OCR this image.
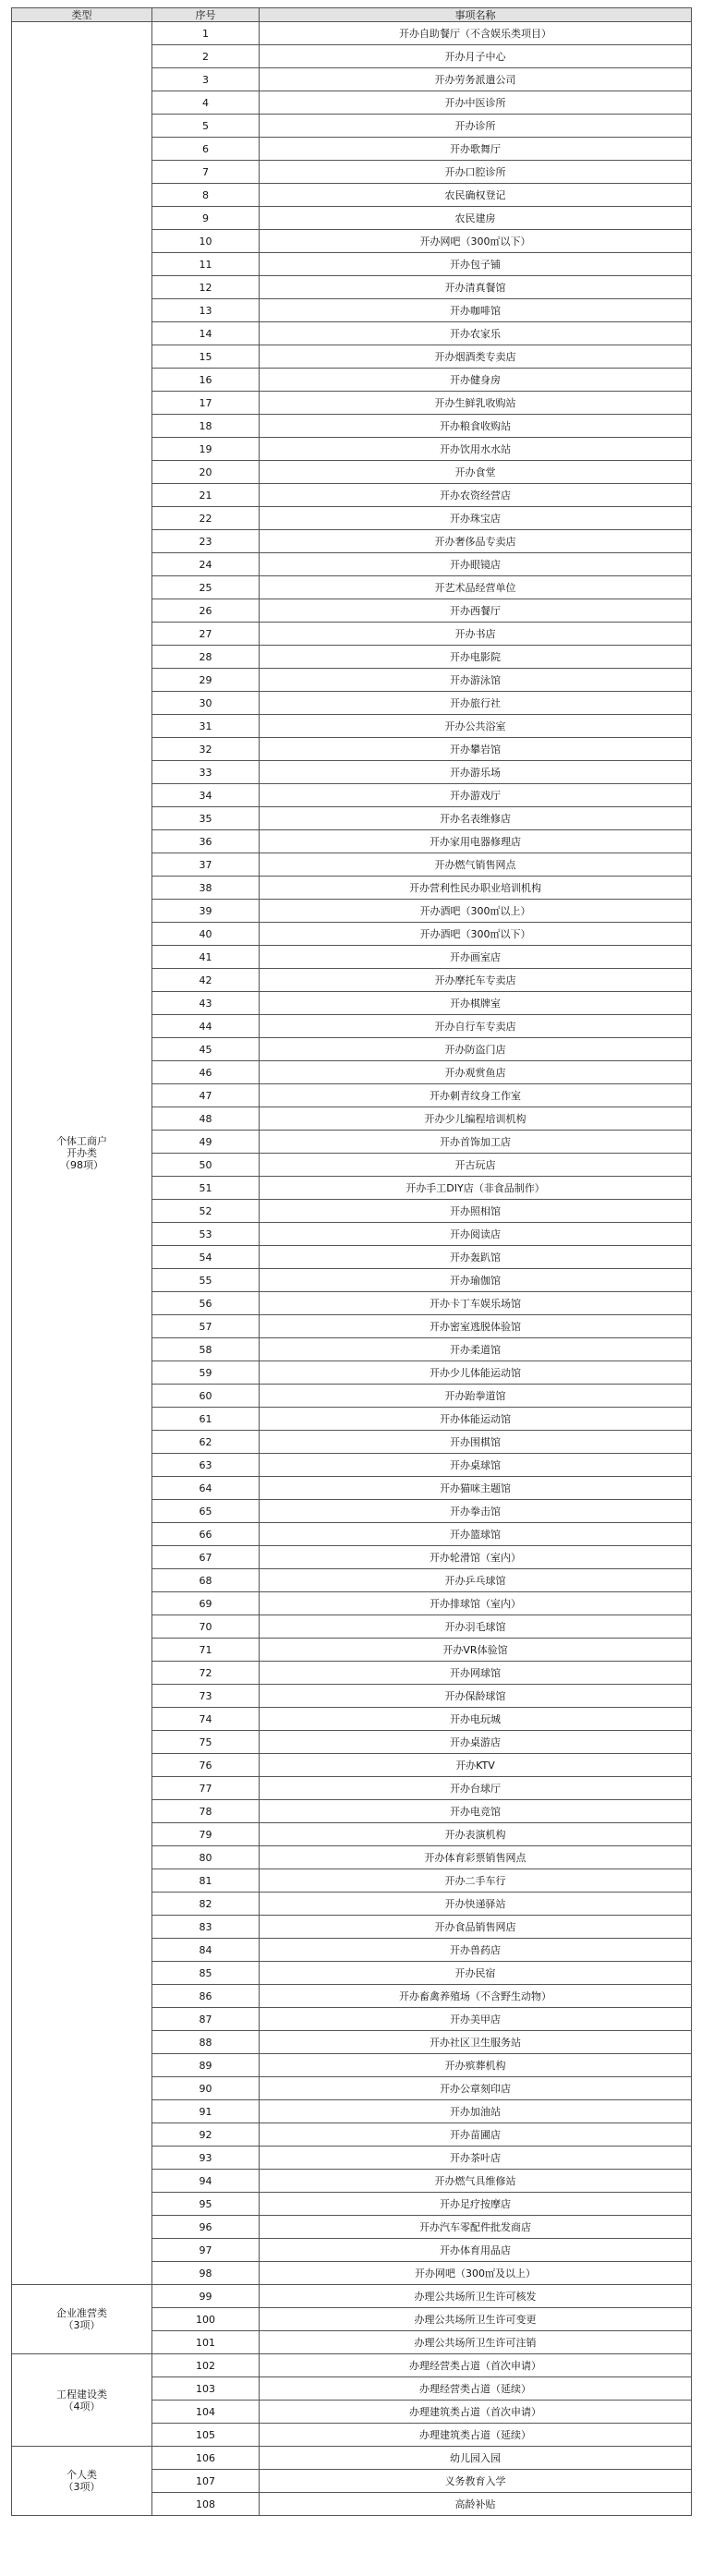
类型	序号	事项名称

个体工商户
开办类
（98项）	1	开办自助餐厅（不含娱乐类项目）
	2	开办月子中心
	3	开办劳务派遣公司
	4	开办中医诊所
	5	开办诊所
	6	开办歌舞厅
	7	开办口腔诊所
	8	农民确权登记
	9	农民建房
	10	开办网吧（300㎡以下）
	11	开办包子铺
	12	开办清真餐馆
	13	开办咖啡馆
	14	开办农家乐
	15	开办烟酒类专卖店
	16	开办健身房
	17	开办生鲜乳收购站
	18	开办粮食收购站
	19	开办饮用水水站
	20	开办食堂
	21	开办农资经营店
	22	开办珠宝店
	23	开办奢侈品专卖店
	24	开办眼镜店
	25	开艺术品经营单位
	26	开办西餐厅
	27	开办书店
	28	开办电影院
	29	开办游泳馆
	30	开办旅行社
	31	开办公共浴室
	32	开办攀岩馆
	33	开办游乐场
	34	开办游戏厅
	35	开办名表维修店
	36	开办家用电器修理店
	37	开办燃气销售网点
	38	开办营利性民办职业培训机构
	39	开办酒吧（300㎡以上）
	40	开办酒吧（300㎡以下）
	41	开办画室店
	42	开办摩托车专卖店
	43	开办棋牌室
	44	开办自行车专卖店
	45	开办防盗门店
	46	开办观赏鱼店
	47	开办刺青纹身工作室
	48	开办少儿编程培训机构
	49	开办首饰加工店
	50	开古玩店
	51	开办手工DIY店（非食品制作）
	52	开办照相馆
	53	开办阅读店
	54	开办轰趴馆
	55	开办瑜伽馆
	56	开办卡丁车娱乐场馆
	57	开办密室逃脱体验馆
	58	开办柔道馆
	59	开办少儿体能运动馆
	60	开办跆拳道馆
	61	开办体能运动馆
	62	开办围棋馆
	63	开办桌球馆
	64	开办猫咪主题馆
	65	开办拳击馆
	66	开办篮球馆
	67	开办轮滑馆（室内）
	68	开办乒乓球馆
	69	开办排球馆（室内）
	70	开办羽毛球馆
	71	开办VR体验馆
	72	开办网球馆
	73	开办保龄球馆
	74	开办电玩城
	75	开办桌游店
	76	开办KTV
	77	开办台球厅
	78	开办电竞馆
	79	开办表演机构
	80	开办体育彩票销售网点
	81	开办二手车行
	82	开办快递驿站
	83	开办食品销售网店
	84	开办兽药店
	85	开办民宿
	86	开办畜禽养殖场（不含野生动物）
	87	开办美甲店
	88	开办社区卫生服务站
	89	开办殡葬机构
	90	开办公章刻印店
	91	开办加油站
	92	开办苗圃店
	93	开办茶叶店
	94	开办燃气具维修站
	95	开办足疗按摩店
	96	开办汽车零配件批发商店
	97	开办体育用品店
	98	开办网吧（300㎡及以上）

企业准营类
（3项）	99	办理公共场所卫生许可核发
	100	办理公共场所卫生许可变更
	101	办理公共场所卫生许可注销

工程建设类
（4项）	102	办理经营类占道（首次申请）
	103	办理经营类占道（延续）
	104	办理建筑类占道（首次申请）
	105	办理建筑类占道（延续）

个人类
（3项）	106	幼儿园入园
	107	义务教育入学
	108	高龄补贴
